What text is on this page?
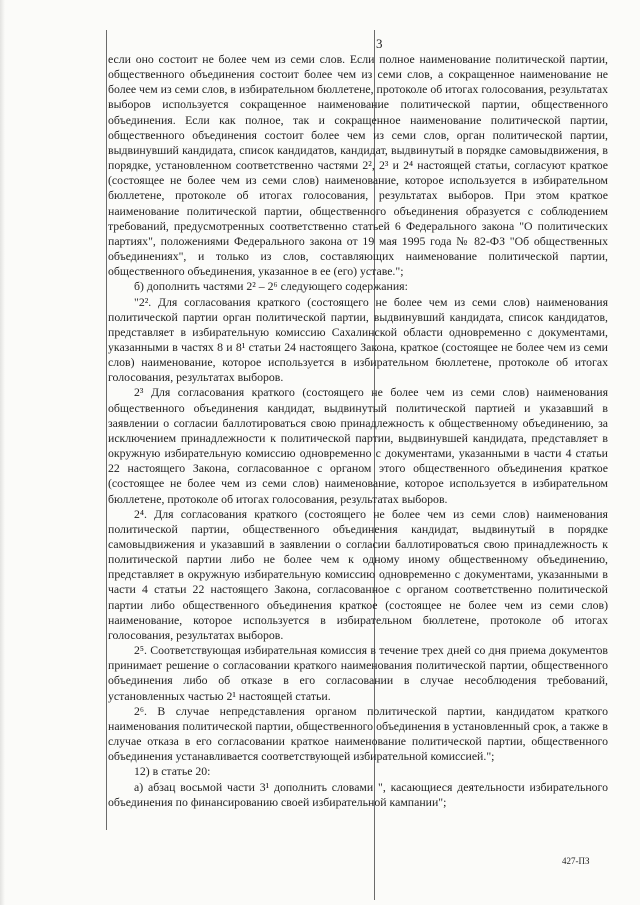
3

если оно состоит не более чем из семи слов. Если полное наименование политической партии, общественного объединения состоит более чем из семи слов, а сокращенное наименование не более чем из семи слов, в избирательном бюллетене, протоколе об итогах голосования, результатах выборов используется сокращенное наименование политической партии, общественного объединения. Если как полное, так и сокращенное наименование политической партии, общественного объединения состоит более чем из семи слов, орган политической партии, выдвинувший кандидата, список кандидатов, кандидат, выдвинутый в порядке самовыдвижения, в порядке, установленном соответственно частями 2², 2³ и 2⁴ настоящей статьи, согласуют краткое (состоящее не более чем из семи слов) наименование, которое используется в избирательном бюллетене, протоколе об итогах голосования, результатах выборов. При этом краткое наименование политической партии, общественного объединения образуется с соблюдением требований, предусмотренных соответственно статьей 6 Федерального закона "О политических партиях", положениями Федерального закона от 19 мая 1995 года № 82-ФЗ "Об общественных объединениях", и только из слов, составляющих наименование политической партии, общественного объединения, указанное в ее (его) уставе.";

б) дополнить частями 2² – 2⁶ следующего содержания:

"2². Для согласования краткого (состоящего не более чем из семи слов) наименования политической партии орган политической партии, выдвинувший кандидата, список кандидатов, представляет в избирательную комиссию Сахалинской области одновременно с документами, указанными в частях 8 и 8¹ статьи 24 настоящего Закона, краткое (состоящее не более чем из семи слов) наименование, которое используется в избирательном бюллетене, протоколе об итогах голосования, результатах выборов.

2³ Для согласования краткого (состоящего не более чем из семи слов) наименования общественного объединения кандидат, выдвинутый политической партией и указавший в заявлении о согласии баллотироваться свою принадлежность к общественному объединению, за исключением принадлежности к политической партии, выдвинувшей кандидата, представляет в окружную избирательную комиссию одновременно с документами, указанными в части 4 статьи 22 настоящего Закона, согласованное с органом этого общественного объединения краткое (состоящее не более чем из семи слов) наименование, которое используется в избирательном бюллетене, протоколе об итогах голосования, результатах выборов.

2⁴. Для согласования краткого (состоящего не более чем из семи слов) наименования политической партии, общественного объединения кандидат, выдвинутый в порядке самовыдвижения и указавший в заявлении о согласии баллотироваться свою принадлежность к политической партии либо не более чем к одному иному общественному объединению, представляет в окружную избирательную комиссию одновременно с документами, указанными в части 4 статьи 22 настоящего Закона, согласованное с органом соответственно политической партии либо общественного объединения краткое (состоящее не более чем из семи слов) наименование, которое используется в избирательном бюллетене, протоколе об итогах голосования, результатах выборов.

2⁵. Соответствующая избирательная комиссия в течение трех дней со дня приема документов принимает решение о согласовании краткого наименования политической партии, общественного объединения либо об отказе в его согласовании в случае несоблюдения требований, установленных частью 2¹ настоящей статьи.

2⁶. В случае непредставления органом политической партии, кандидатом краткого наименования политической партии, общественного объединения в установленный срок, а также в случае отказа в его согласовании краткое наименование политической партии, общественного объединения устанавливается соответствующей избирательной комиссией.";

12) в статье 20:

а) абзац восьмой части 3¹ дополнить словами ", касающиеся деятельности избирательного объединения по финансированию своей избирательной кампании";

427-ПЗ
